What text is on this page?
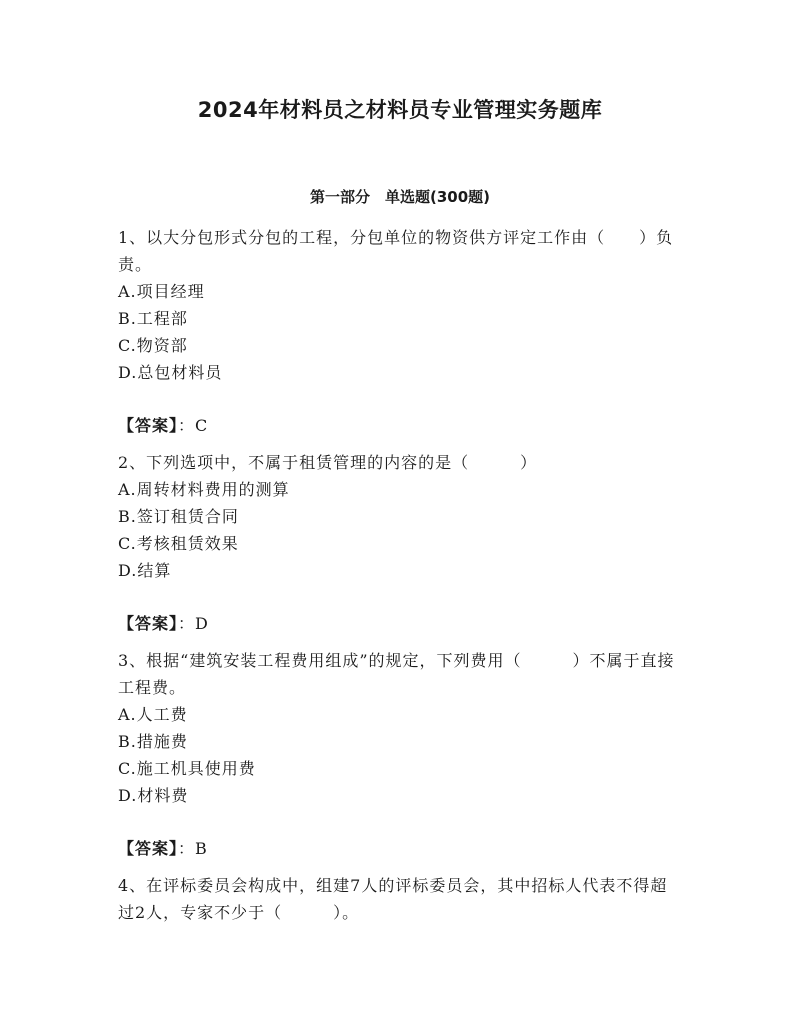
2024年材料员之材料员专业管理实务题库
第一部分　单选题(300题)

1、以大分包形式分包的工程，分包单位的物资供方评定工作由（　　）负责。

A.项目经理

B.工程部

C.物资部

D.总包材料员

【答案】：C

2、下列选项中，不属于租赁管理的内容的是（　　　）

A.周转材料费用的测算

B.签订租赁合同

C.考核租赁效果

D.结算

【答案】：D

3、根据“建筑安装工程费用组成”的规定，下列费用（　　　）不属于直接工程费。

A.人工费

B.措施费

C.施工机具使用费

D.材料费

【答案】：B

4、在评标委员会构成中，组建7人的评标委员会，其中招标人代表不得超过2人，专家不少于（　　　）。
